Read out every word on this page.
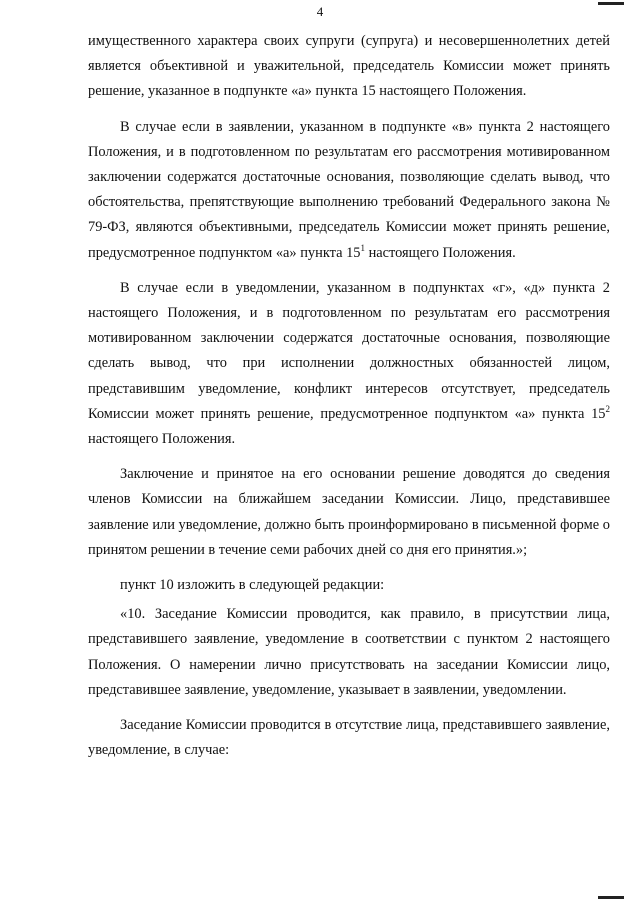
4

имущественного характера своих супруги (супруга) и несовершеннолетних детей является объективной и уважительной, председатель Комиссии может принять решение, указанное в подпункте «а» пункта 15 настоящего Положения.

В случае если в заявлении, указанном в подпункте «в» пункта 2 настоящего Положения, и в подготовленном по результатам его рассмотрения мотивированном заключении содержатся достаточные основания, позволяющие сделать вывод, что обстоятельства, препятствующие выполнению требований Федерального закона № 79-ФЗ, являются объективными, председатель Комиссии может принять решение, предусмотренное подпунктом «а» пункта $15^1$ настоящего Положения.

В случае если в уведомлении, указанном в подпунктах «г», «д» пункта 2 настоящего Положения, и в подготовленном по результатам его рассмотрения мотивированном заключении содержатся достаточные основания, позволяющие сделать вывод, что при исполнении должностных обязанностей лицом, представившим уведомление, конфликт интересов отсутствует, председатель Комиссии может принять решение, предусмотренное подпунктом «а» пункта $15^2$ настоящего Положения.

Заключение и принятое на его основании решение доводятся до сведения членов Комиссии на ближайшем заседании Комиссии. Лицо, представившее заявление или уведомление, должно быть проинформировано в письменной форме о принятом решении в течение семи рабочих дней со дня его принятия.»;

пункт 10 изложить в следующей редакции:

«10. Заседание Комиссии проводится, как правило, в присутствии лица, представившего заявление, уведомление в соответствии с пунктом 2 настоящего Положения. О намерении лично присутствовать на заседании Комиссии лицо, представившее заявление, уведомление, указывает в заявлении, уведомлении.

Заседание Комиссии проводится в отсутствие лица, представившего заявление, уведомление, в случае:
